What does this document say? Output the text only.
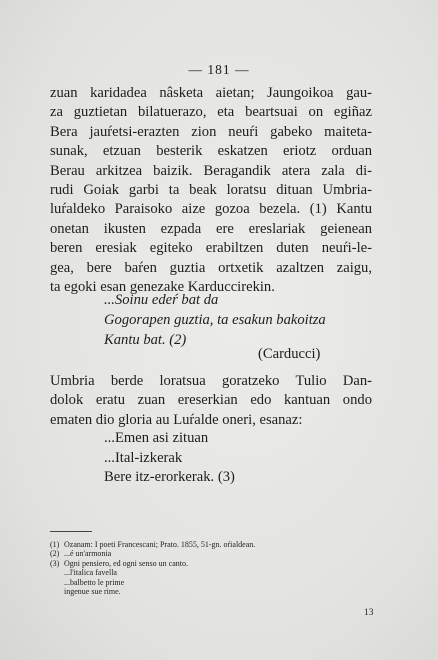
— 181 —
zuan karidadea nâsketa aietan; Jaungoikoa gau-
za guztietan bilatuerazo, eta beartsuai on egiñaz
Bera jauŕetsi-erazten zion neuŕi gabeko maiteta-
sunak, etzuan besterik eskatzen eriotz orduan
Berau arkitzea baizik. Beragandik atera zala di-
rudi Goiak garbi ta beak loratsu dituan Umbria-
luŕaldeko Paraisoko aize gozoa bezela. (1) Kantu
onetan ikusten ezpada ere ereslariak geienean
beren eresiak egiteko erabiltzen duten neuŕi-le-
gea, bere baŕen guztia ortxetik azaltzen zaigu,
ta egoki esan genezake Karduccirekin.
...Soinu edeŕ bat da
Gogorapen guztia, ta esakun bakoitza
Kantu bat. (2)
(Carducci)
Umbria berde loratsua goratzeko Tulio Dan-
dolok eratu zuan ereserkian edo kantuan ondo
ematen dio gloria au Luŕalde oneri, esanaz:
...Emen asi zituan
...Ital-izkerak
Bere itz-erorkerak. (3)
(1) Ozanam: I poeti Francescani; Prato. 1855, 51-gn. oŕialdean.
(2) ...é un'armonia
(3) Ogni pensiero, ed ogni senso un canto.
...l'italica favella
...balbetto le prime
ingenue sue rime.
13
